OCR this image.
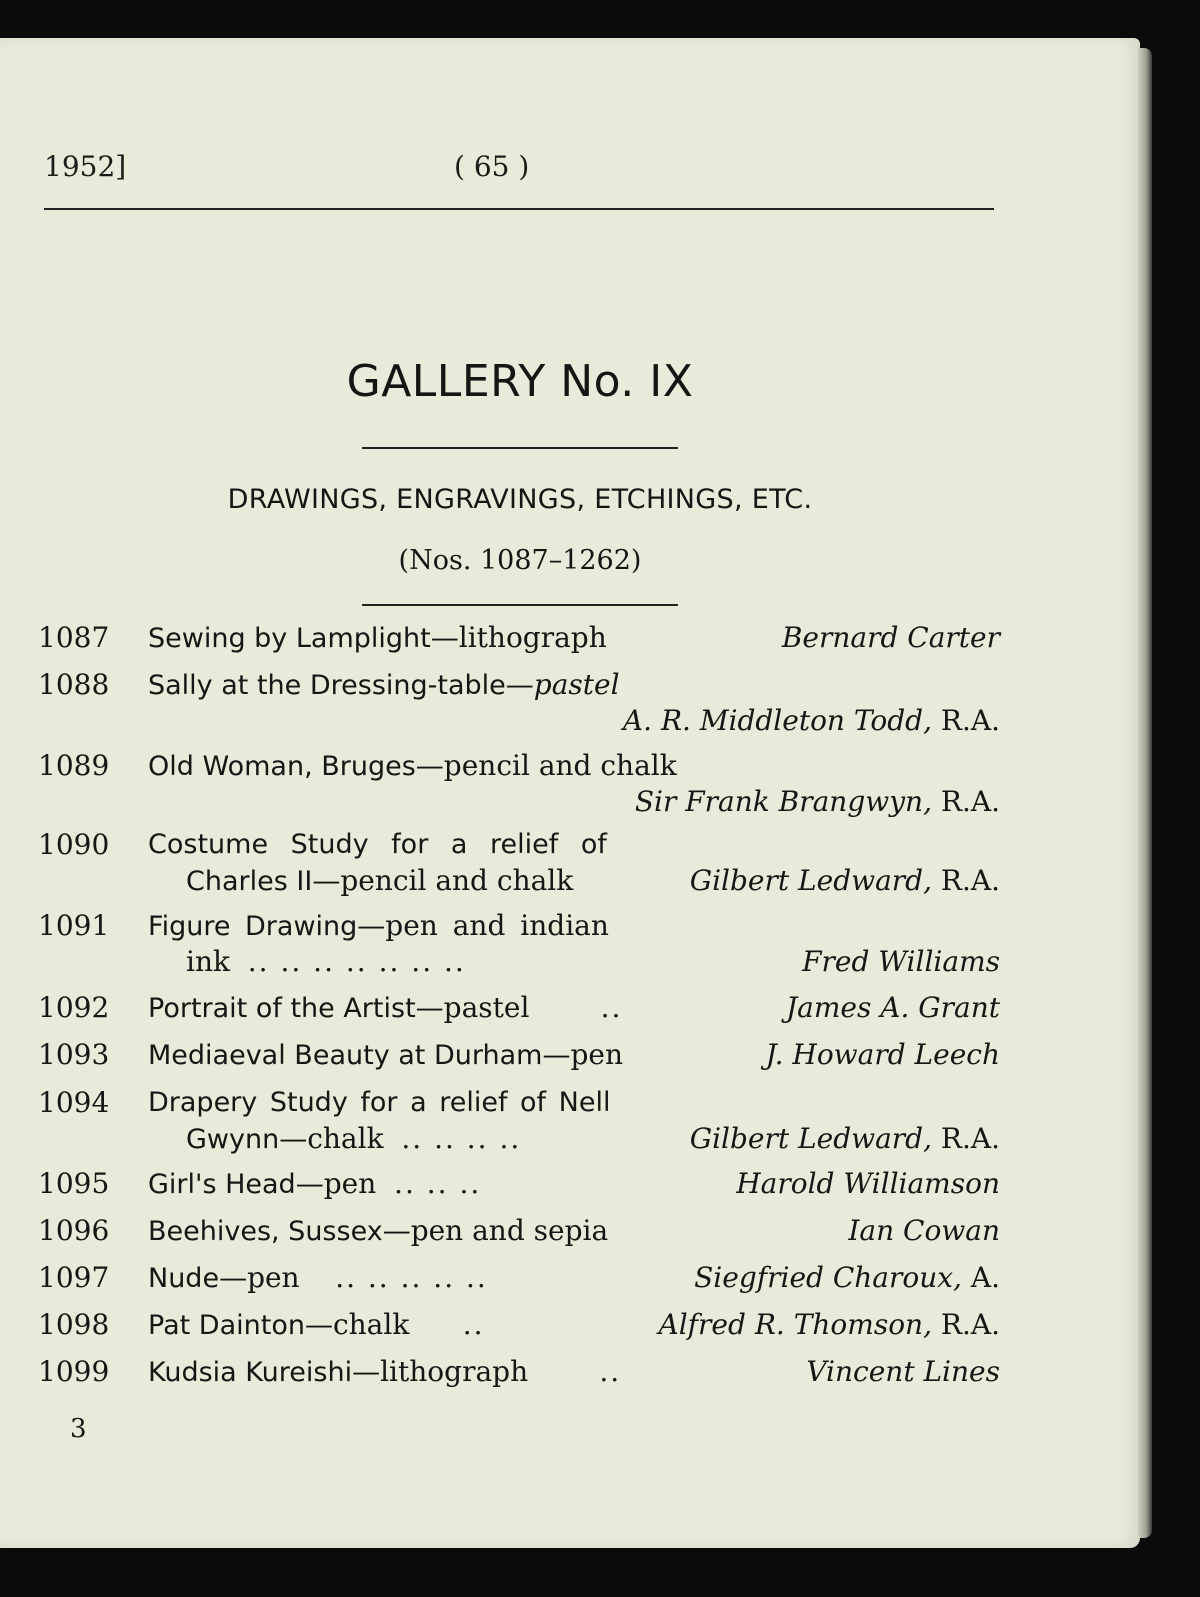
1952]	( 65 )
GALLERY No. IX
DRAWINGS, ENGRAVINGS, ETCHINGS, ETC.
(Nos. 1087–1262)
1087 Sewing by Lamplight—lithograph	Bernard Carter
1088 Sally at the Dressing-table—pastel
A. R. Middleton Todd, R.A.
1089 Old Woman, Bruges—pencil and chalk
Sir Frank Brangwyn, R.A.
1090 Costume Study for a relief of
Charles II—pencil and chalk	Gilbert Ledward, R.A.
1091 Figure Drawing—pen and indian
ink .. .. .. .. .. .. ..	Fred Williams
1092 Portrait of the Artist—pastel	..	James A. Grant
1093 Mediaeval Beauty at Durham—pen	J. Howard Leech
1094 Drapery Study for a relief of Nell
Gwynn—chalk .. .. .. ..	Gilbert Ledward, R.A.
1095 Girl's Head—pen .. .. ..	Harold Williamson
1096 Beehives, Sussex—pen and sepia	Ian Cowan
1097 Nude—pen .. .. .. .. ..	Siegfried Charoux, A.
1098 Pat Dainton—chalk ..	Alfred R. Thomson, R.A.
1099 Kudsia Kureishi—lithograph	..	Vincent Lines
3
